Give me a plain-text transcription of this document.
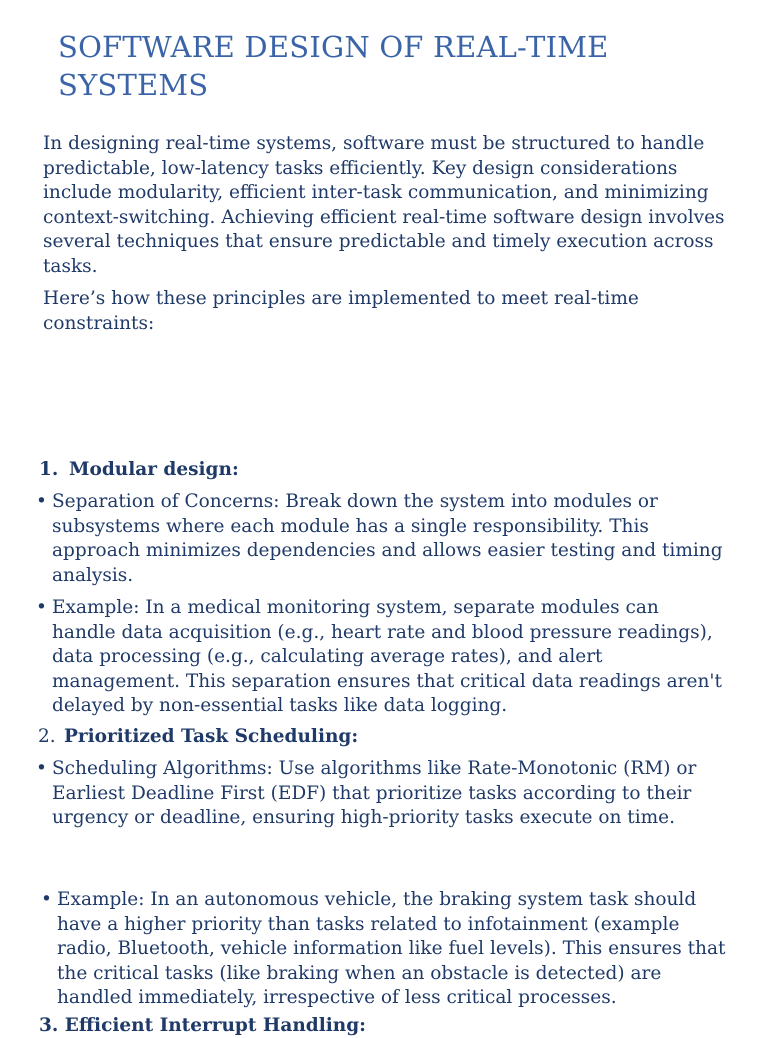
SOFTWARE DESIGN OF REAL-TIME SYSTEMS
In designing real-time systems, software must be structured to handle predictable, low-latency tasks efficiently. Key design considerations include modularity, efficient inter-task communication, and minimizing context-switching. Achieving efficient real-time software design involves several techniques that ensure predictable and timely execution across tasks.
Here’s how these principles are implemented to meet real-time constraints:
1. Modular design:
• Separation of Concerns: Break down the system into modules or subsystems where each module has a single responsibility. This approach minimizes dependencies and allows easier testing and timing analysis.
• Example: In a medical monitoring system, separate modules can handle data acquisition (e.g., heart rate and blood pressure readings), data processing (e.g., calculating average rates), and alert management. This separation ensures that critical data readings aren't delayed by non-essential tasks like data logging.
2. Prioritized Task Scheduling:
• Scheduling Algorithms: Use algorithms like Rate-Monotonic (RM) or Earliest Deadline First (EDF) that prioritize tasks according to their urgency or deadline, ensuring high-priority tasks execute on time.
• Example: In an autonomous vehicle, the braking system task should have a higher priority than tasks related to infotainment (example radio, Bluetooth, vehicle information like fuel levels). This ensures that the critical tasks (like braking when an obstacle is detected) are handled immediately, irrespective of less critical processes.
3. Efficient Interrupt Handling:
